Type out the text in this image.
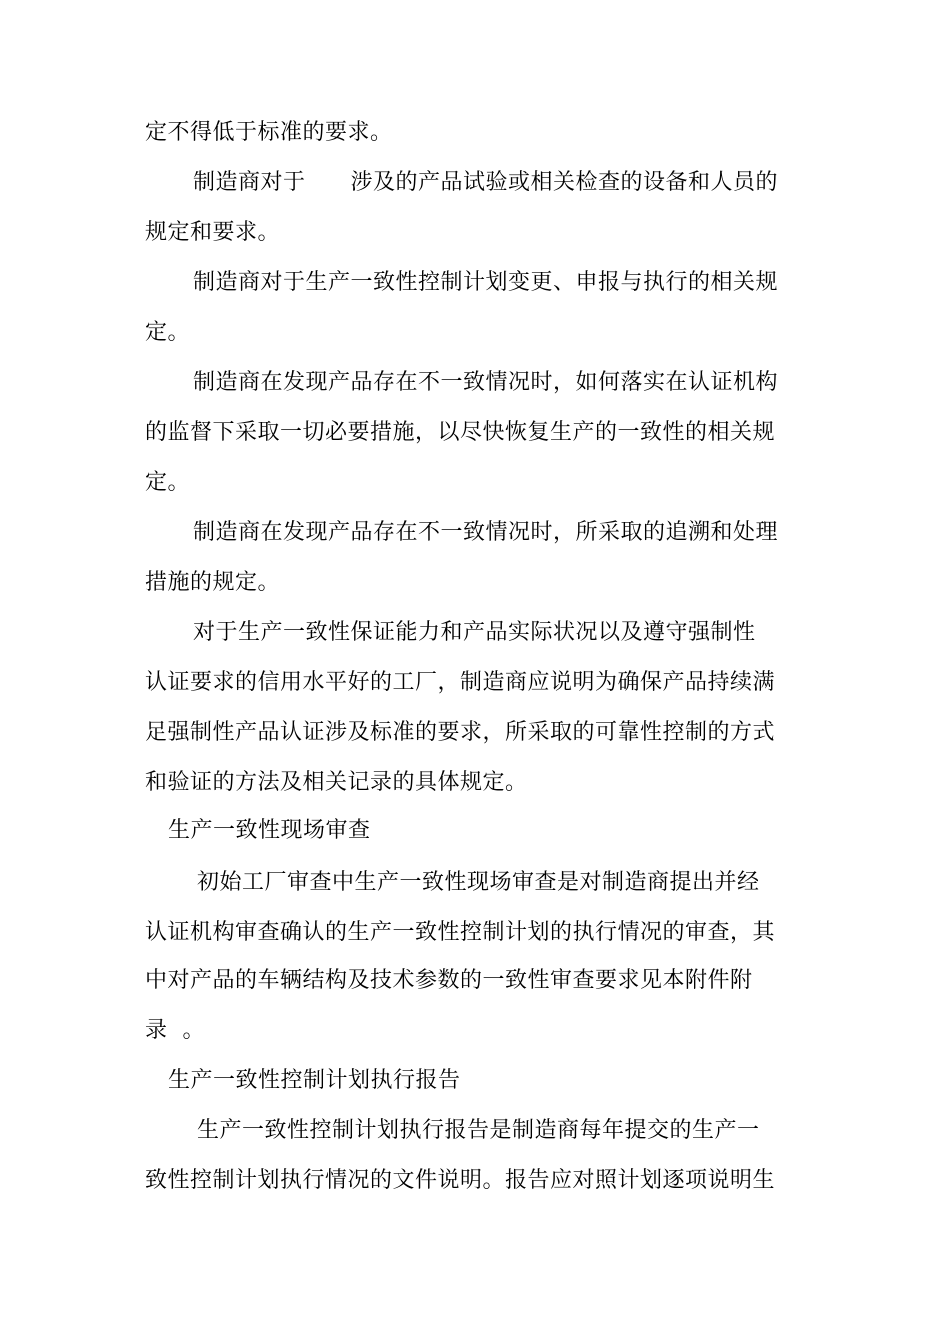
定不得低于标准的要求。
制造商对于      涉及的产品试验或相关检查的设备和人员的
规定和要求。
制造商对于生产一致性控制计划变更、申报与执行的相关规
定。
制造商在发现产品存在不一致情况时，如何落实在认证机构
的监督下采取一切必要措施，以尽快恢复生产的一致性的相关规
定。
制造商在发现产品存在不一致情况时，所采取的追溯和处理
措施的规定。
对于生产一致性保证能力和产品实际状况以及遵守强制性
认证要求的信用水平好的工厂，制造商应说明为确保产品持续满
足强制性产品认证涉及标准的要求，所采取的可靠性控制的方式
和验证的方法及相关记录的具体规定。
生产一致性现场审查
初始工厂审查中生产一致性现场审查是对制造商提出并经
认证机构审查确认的生产一致性控制计划的执行情况的审查，其
中对产品的车辆结构及技术参数的一致性审查要求见本附件附
录  。
生产一致性控制计划执行报告
生产一致性控制计划执行报告是制造商每年提交的生产一
致性控制计划执行情况的文件说明。报告应对照计划逐项说明生
